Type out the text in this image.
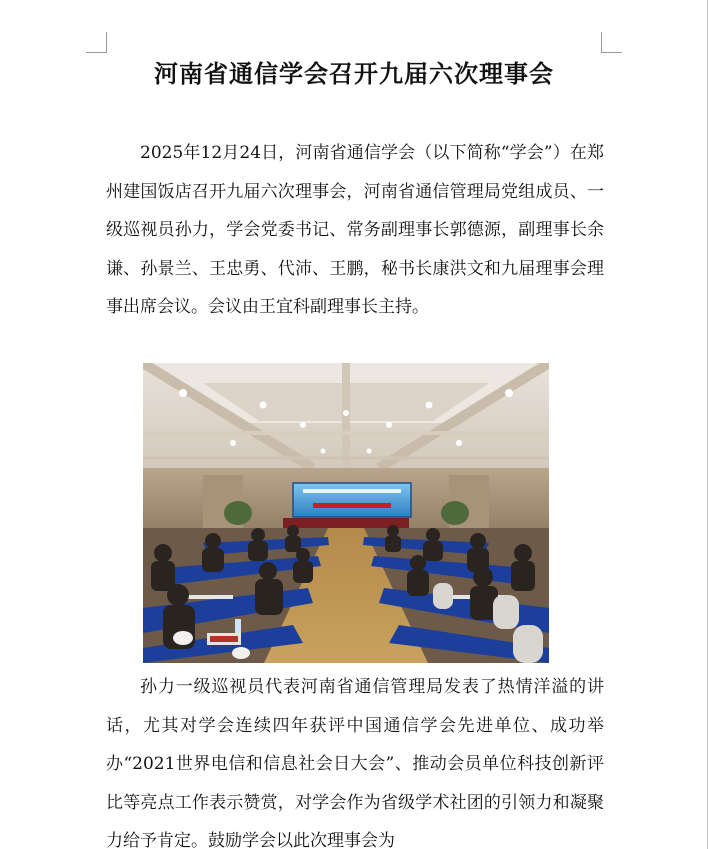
河南省通信学会召开九届六次理事会

2025年12月24日，河南省通信学会（以下简称“学会”）在郑州建国饭店召开九届六次理事会，河南省通信管理局党组成员、一级巡视员孙力，学会党委书记、常务副理事长郭德源，副理事长余谦、孙景兰、王忠勇、代沛、王鹏，秘书长康洪文和九届理事会理事出席会议。会议由王宜科副理事长主持。

孙力一级巡视员代表河南省通信管理局发表了热情洋溢的讲话，尤其对学会连续四年获评中国通信学会先进单位、成功举办“2021世界电信和信息社会日大会”、推动会员单位科技创新评比等亮点工作表示赞赏，对学会作为省级学术社团的引领力和凝聚力给予肯定。鼓励学会以此次理事会为
